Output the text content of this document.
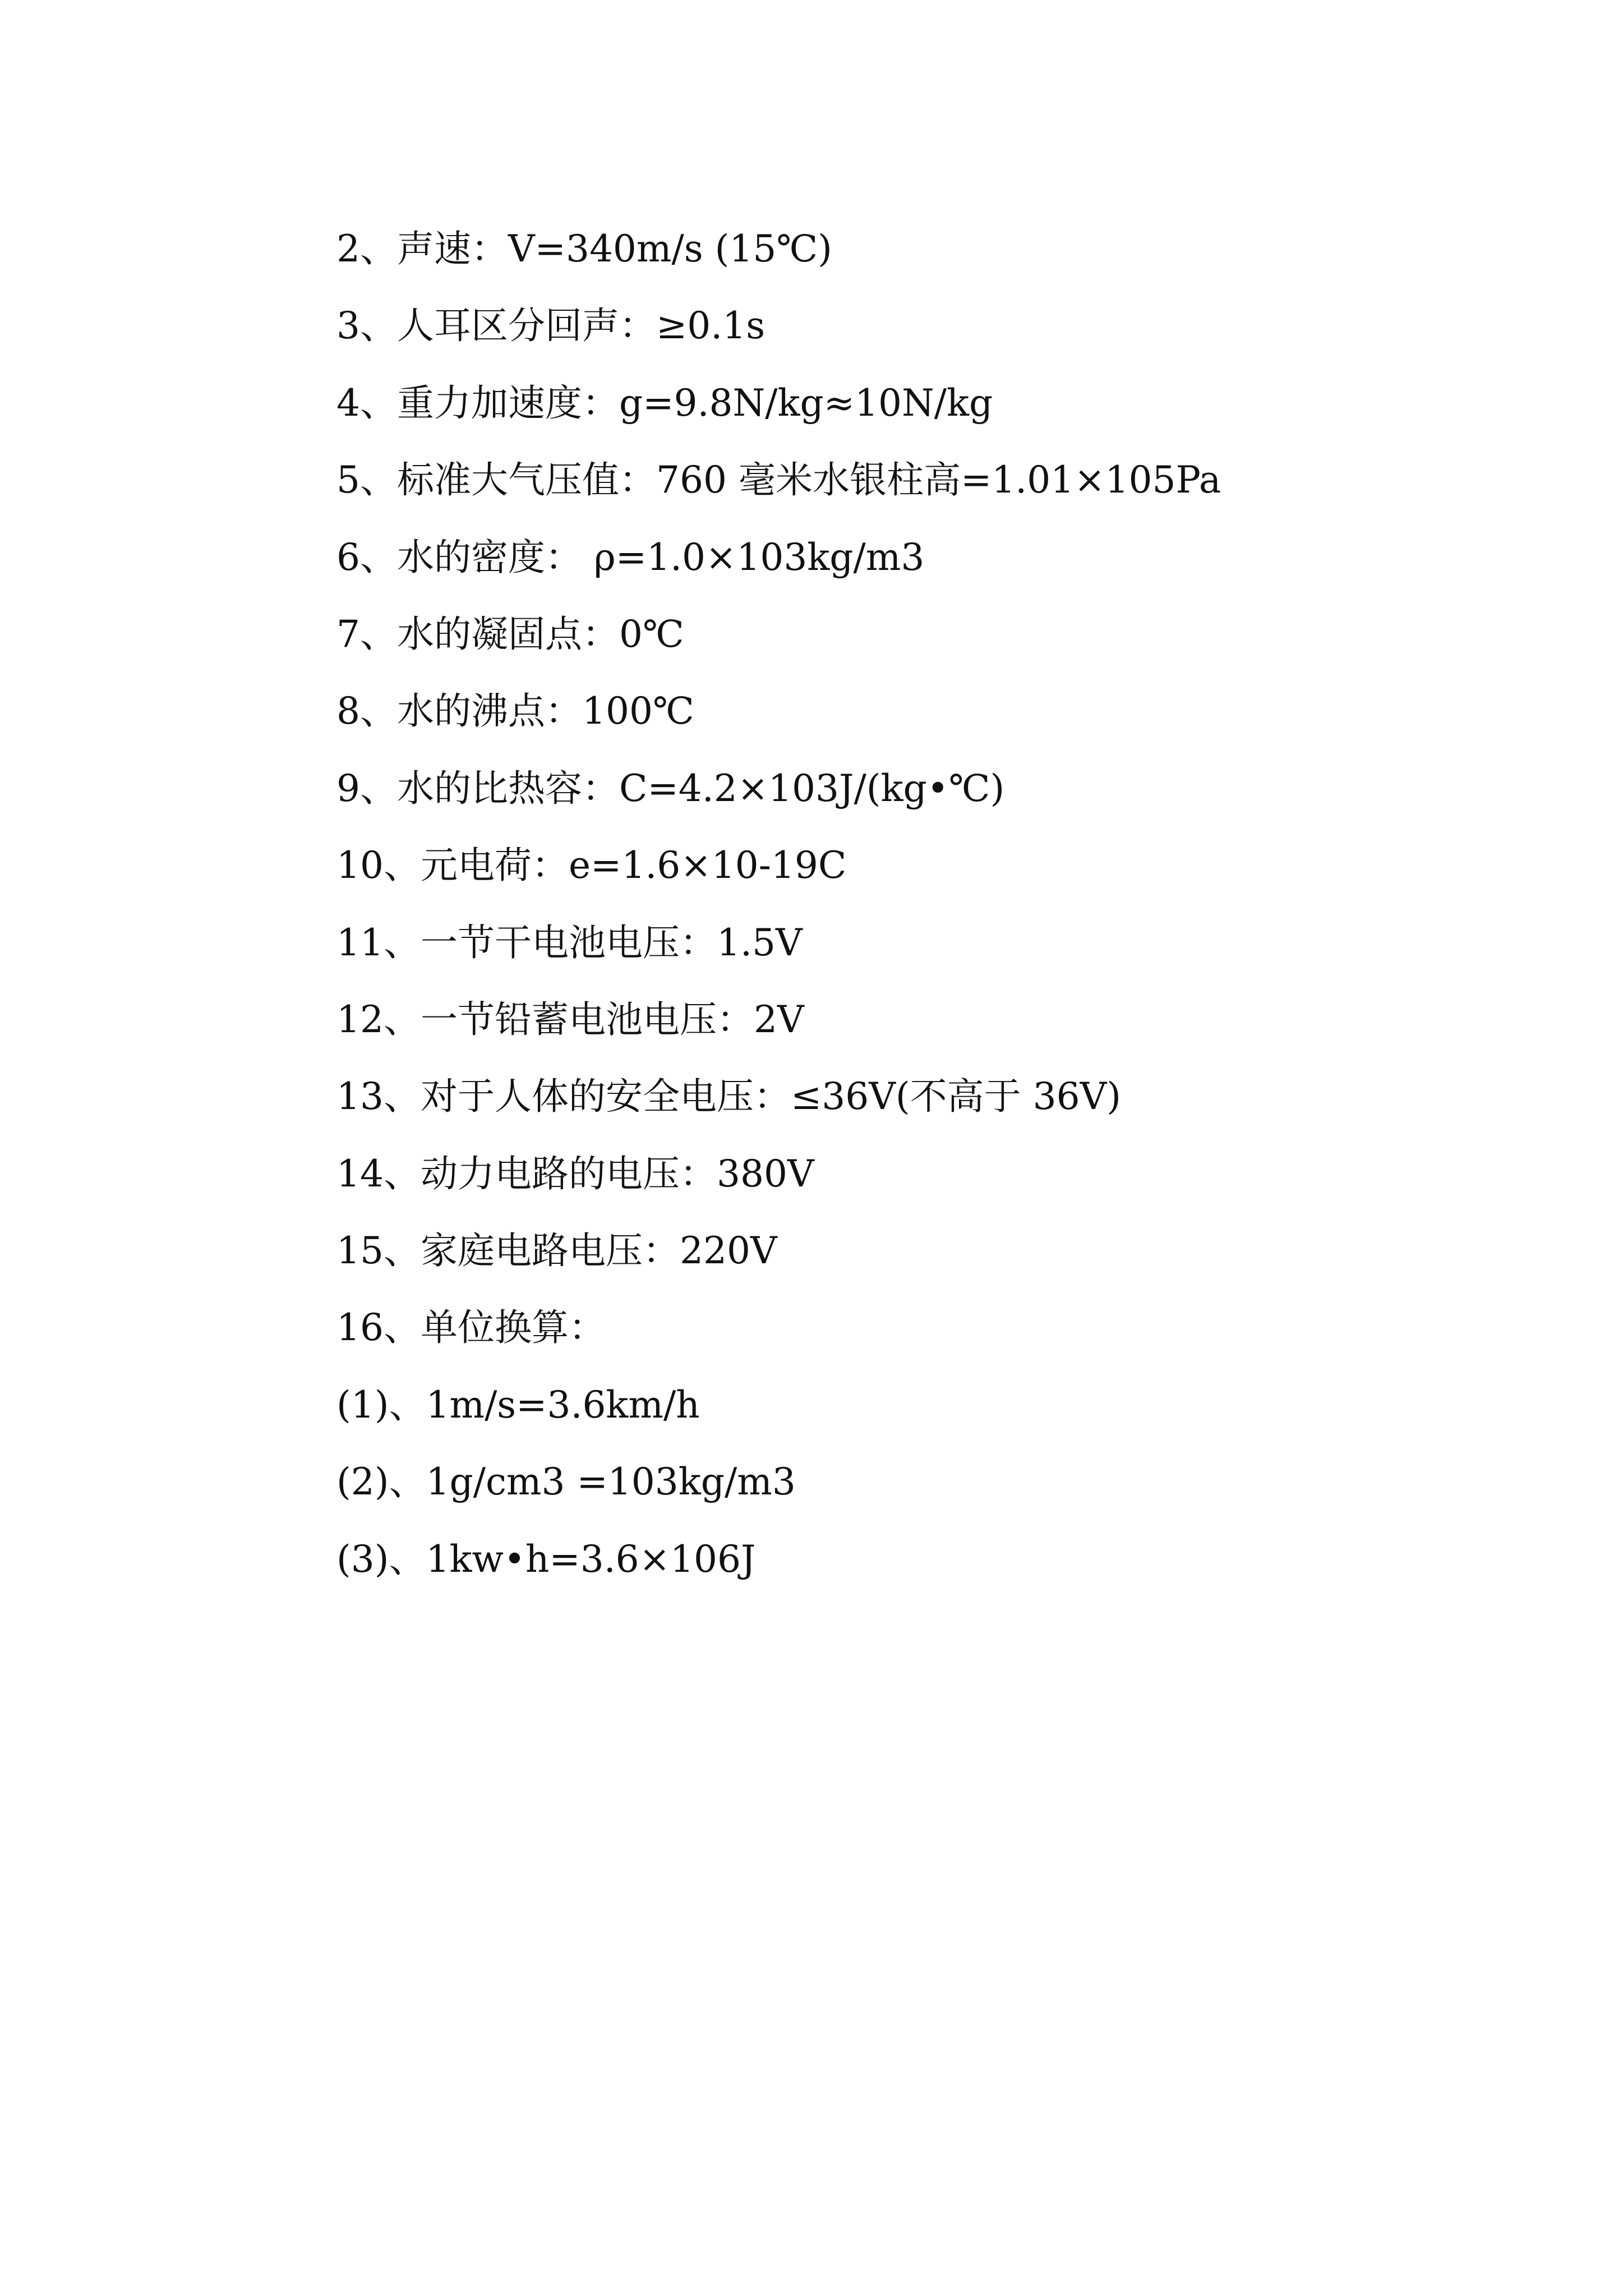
2、声速：V=340m/s (15℃)
3、人耳区分回声：≥0.1s
4、重力加速度：g=9.8N/kg≈10N/kg
5、标准大气压值：760 毫米水银柱高=1.01×105Pa
6、水的密度： ρ=1.0×103kg/m3
7、水的凝固点：0℃
8、水的沸点：100℃
9、水的比热容：C=4.2×103J/(kg•℃)
10、元电荷：e=1.6×10-19C
11、一节干电池电压：1.5V
12、一节铅蓄电池电压：2V
13、对于人体的安全电压：≤36V(不高于 36V)
14、动力电路的电压：380V
15、家庭电路电压：220V
16、单位换算：
(1)、1m/s=3.6km/h
(2)、1g/cm3 =103kg/m3
(3)、1kw•h=3.6×106J
